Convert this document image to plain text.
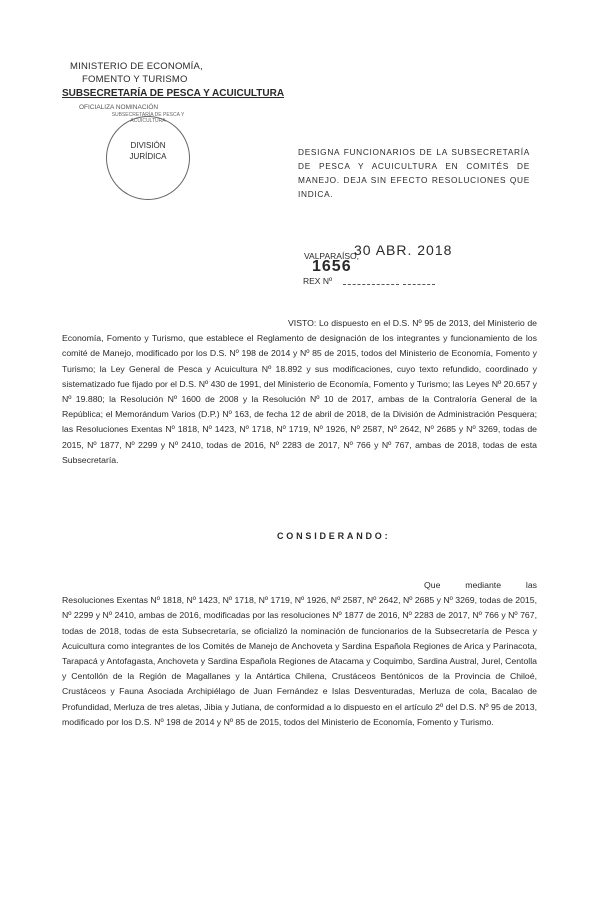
MINISTERIO DE ECONOMÍA,
FOMENTO Y TURISMO
SUBSECRETARÍA DE PESCA Y ACUICULTURA
OFICIALIZA NOMINACIÓN
SUBSECRETARÍA DE PESCA Y ACUICULTURA
DIVISIÓN
JURÍDICA	DESIGNA FUNCIONARIOS DE LA SUBSECRETARÍA DE PESCA Y ACUICULTURA EN COMITÉS DE MANEJO. DEJA SIN EFECTO RESOLUCIONES QUE INDICA.
VALPARAÍSO,
30 ABR. 2018
1656
REX Nº
VISTO: Lo dispuesto en el D.S. Nº 95 de 2013, del Ministerio de Economía, Fomento y Turismo, que establece el Reglamento de designación de los integrantes y funcionamiento de los comité de Manejo, modificado por los D.S. Nº 198 de 2014 y Nº 85 de 2015, todos del Ministerio de Economía, Fomento y Turismo; la Ley General de Pesca y Acuicultura Nº 18.892 y sus modificaciones, cuyo texto refundido, coordinado y sistematizado fue fijado por el D.S. Nº 430 de 1991, del Ministerio de Economía, Fomento y Turismo; las Leyes Nº 20.657 y Nº 19.880; la Resolución Nº 1600 de 2008 y la Resolución Nº 10 de 2017, ambas de la Contraloría General de la República; el Memorándum Varios (D.P.) Nº 163, de fecha 12 de abril de 2018, de la División de Administración Pesquera; las Resoluciones Exentas Nº 1818, Nº 1423, Nº 1718, Nº 1719, Nº 1926, Nº 2587, Nº 2642, Nº 2685 y Nº 3269, todas de 2015, Nº 1877, Nº 2299 y Nº 2410, todas de 2016, Nº 2283 de 2017, Nº 766 y Nº 767, ambas de 2018, todas de esta Subsecretaría.
CONSIDERANDO:
Que mediante las Resoluciones Exentas Nº 1818, Nº 1423, Nº 1718, Nº 1719, Nº 1926, Nº 2587, Nº 2642, Nº 2685 y Nº 3269, todas de 2015, Nº 2299 y Nº 2410, ambas de 2016, modificadas por las resoluciones Nº 1877 de 2016, Nº 2283 de 2017, Nº 766 y Nº 767, todas de 2018, todas de esta Subsecretaría, se oficializó la nominación de funcionarios de la Subsecretaría de Pesca y Acuicultura como integrantes de los Comités de Manejo de Anchoveta y Sardina Española Regiones de Arica y Parinacota, Tarapacá y Antofagasta, Anchoveta y Sardina Española Regiones de Atacama y Coquimbo, Sardina Austral, Jurel, Centolla y Centollón de la Región de Magallanes y la Antártica Chilena, Crustáceos Bentónicos de la Provincia de Chiloé, Crustáceos y Fauna Asociada Archipiélago de Juan Fernández e Islas Desventuradas, Merluza de cola, Bacalao de Profundidad, Merluza de tres aletas, Jibia y Jutiana, de conformidad a lo dispuesto en el artículo 2º del D.S. Nº 95 de 2013, modificado por los D.S. Nº 198 de 2014 y Nº 85 de 2015, todos del Ministerio de Economía, Fomento y Turismo.
